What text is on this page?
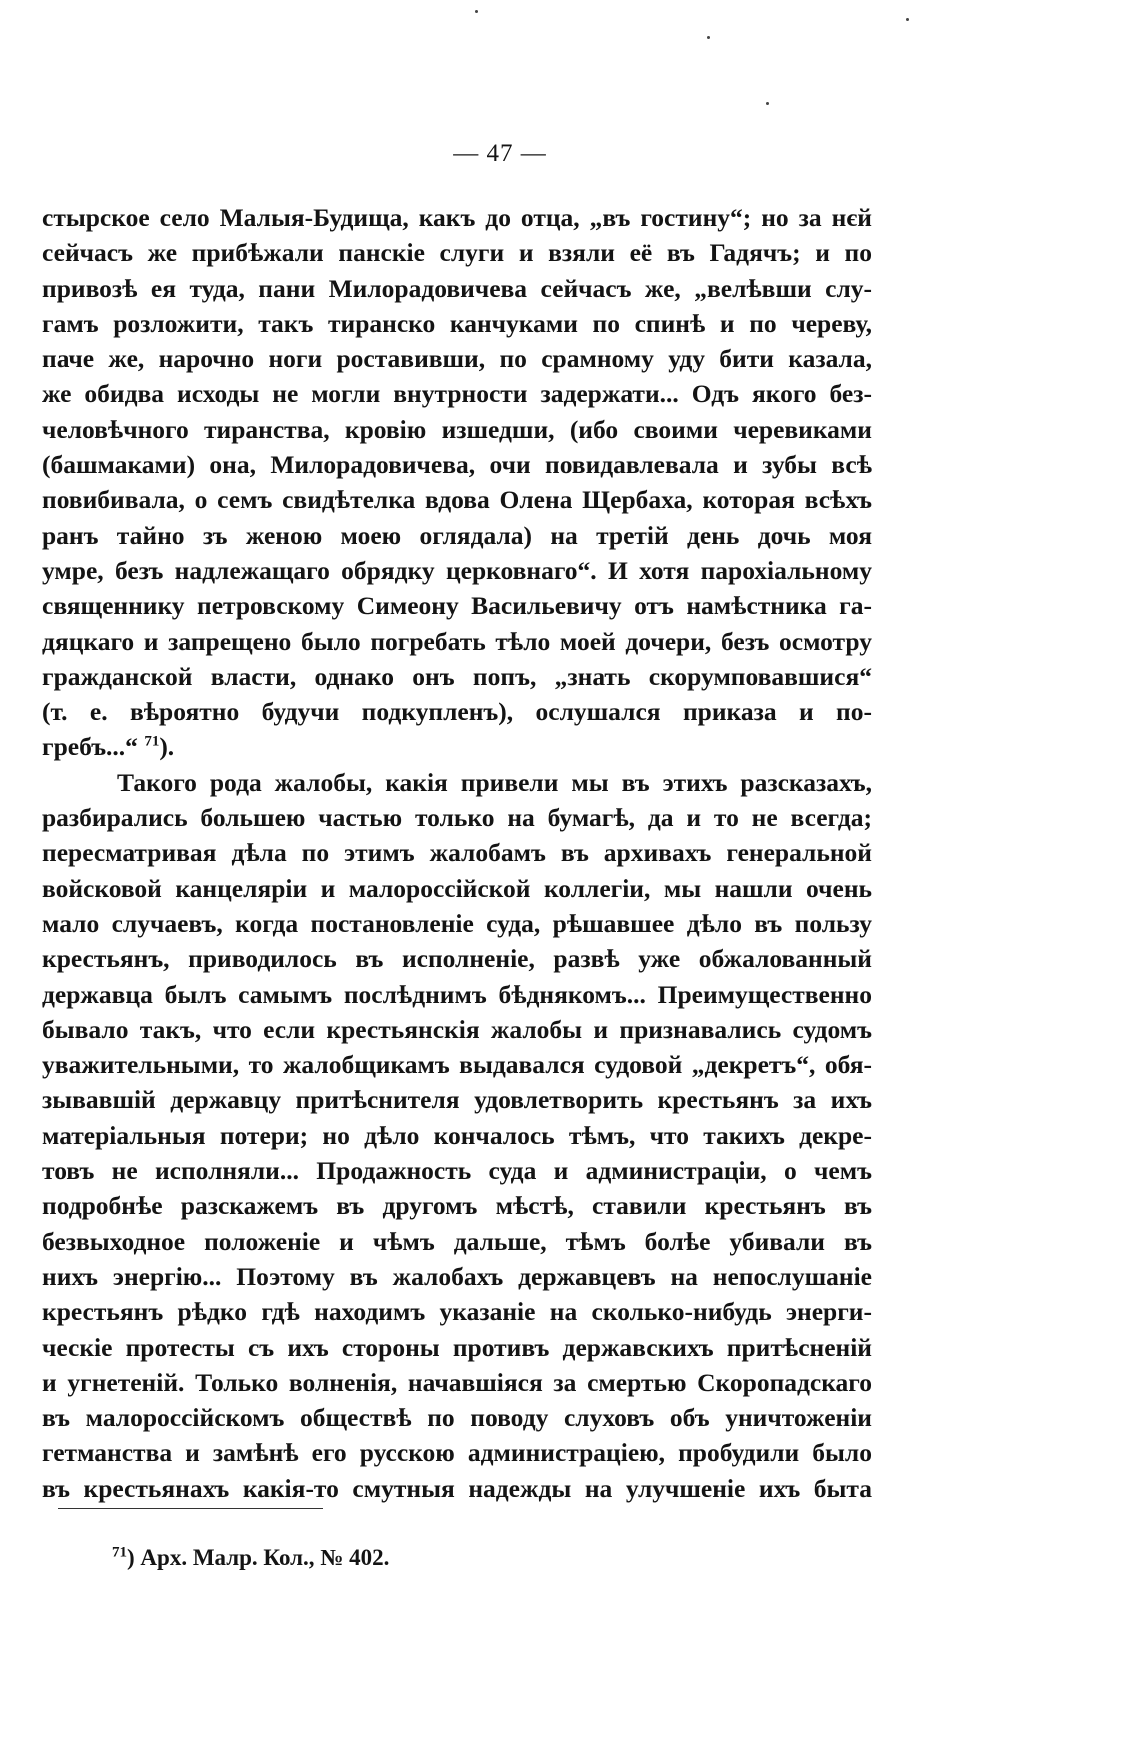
— 47 —
стырское село Малыя-Будища, какъ до отца, „въ гостину“; но за нєй
сейчасъ же прибѣжали панскіе слуги и взяли её въ Гадячъ; и по
привозѣ ея туда, пани Милорадовичева сейчасъ же, „велѣвши слу-
гамъ розложити, такъ тиранско канчуками по спинѣ и по череву,
паче же, нарочно ноги роставивши, по срамному уду бити казала,
же обидва исходы не могли внутрности задержати... Одъ якого без-
человѣчного тиранства, кровію изшедши, (ибо своими черевиками
(башмаками) она, Милорадовичева, очи повидавлевала и зубы всѣ
повибивала, о семъ свидѣтелка вдова Олена Щербаха, которая всѣхъ
ранъ тайно зъ женою моею оглядала) на третій день дочь моя
умре, безъ надлежащаго обрядку церковнаго“. И хотя парохіальному
священнику петровскому Симеону Васильевичу отъ намѣстника га-
дяцкаго и запрещено было погребать тѣло моей дочери, безъ осмотру
гражданской власти, однако онъ попъ, „знать скорумповавшися“
(т. е. вѣроятно будучи подкупленъ), ослушался приказа и по-
гребъ...“ $^{71}$).
Такого рода жалобы, какія привели мы въ этихъ разсказахъ,
разбирались большею частью только на бумагѣ, да и то не всегда;
пересматривая дѣла по этимъ жалобамъ въ архивахъ генеральной
войсковой канцеляріи и малороссійской коллегіи, мы нашли очень
мало случаевъ, когда постановленіе суда, рѣшавшее дѣло въ пользу
крестьянъ, приводилось въ исполненіе, развѣ уже обжалованный
державца былъ самымъ послѣднимъ бѣднякомъ... Преимущественно
бывало такъ, что если крестьянскія жалобы и признавались судомъ
уважительными, то жалобщикамъ выдавался судовой „декретъ“, обя-
зывавшій державцу притѣснителя удовлетворить крестьянъ за ихъ
матеріальныя потери; но дѣло кончалось тѣмъ, что такихъ декре-
товъ не исполняли... Продажность суда и администраціи, о чемъ
подробнѣе разскажемъ въ другомъ мѣстѣ, ставили крестьянъ въ
безвыходное положеніе и чѣмъ дальше, тѣмъ болѣе убивали въ
нихъ энергію... Поэтому въ жалобахъ державцевъ на непослушаніе
крестьянъ рѣдко гдѣ находимъ указаніе на сколько-нибудь энерги-
ческіе протесты съ ихъ стороны противъ державскихъ притѣсненій
и угнетеній. Только волненія, начавшіяся за смертью Скоропадскаго
въ малороссійскомъ обществѣ по поводу слуховъ объ уничтоженіи
гетманства и замѣнѣ его русскою администраціею, пробудили было
въ крестьянахъ какія-то смутныя надежды на улучшеніе ихъ быта
$^{71}$) Арх. Малр. Кол., № 402.
